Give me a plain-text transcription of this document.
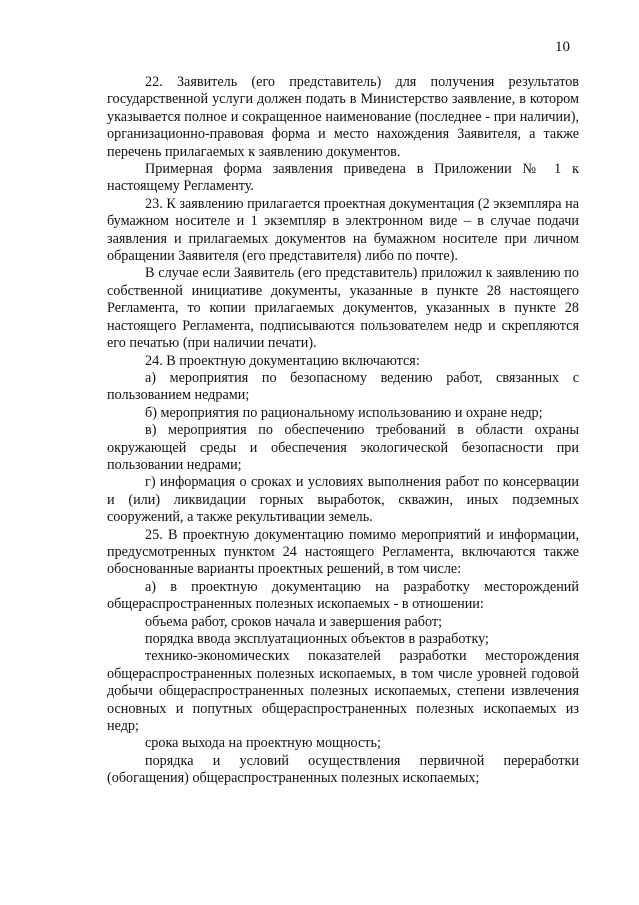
10

22. Заявитель (его представитель) для получения результатов государственной услуги должен подать в Министерство заявление, в котором указывается полное и сокращенное наименование (последнее - при наличии), организационно-правовая форма и место нахождения Заявителя, а также перечень прилагаемых к заявлению документов.

Примерная форма заявления приведена в Приложении № 1 к настоящему Регламенту.

23. К заявлению прилагается проектная документация (2 экземпляра на бумажном носителе и 1 экземпляр в электронном виде – в случае подачи заявления и прилагаемых документов на бумажном носителе при личном обращении Заявителя (его представителя) либо по почте).

В случае если Заявитель (его представитель) приложил к заявлению по собственной инициативе документы, указанные в пункте 28 настоящего Регламента, то копии прилагаемых документов, указанных в пункте 28 настоящего Регламента, подписываются пользователем недр и скрепляются его печатью (при наличии печати).

24. В проектную документацию включаются:

а) мероприятия по безопасному ведению работ, связанных с пользованием недрами;

б) мероприятия по рациональному использованию и охране недр;

в) мероприятия по обеспечению требований в области охраны окружающей среды и обеспечения экологической безопасности при пользовании недрами;

г) информация о сроках и условиях выполнения работ по консервации и (или) ликвидации горных выработок, скважин, иных подземных сооружений, а также рекультивации земель.

25. В проектную документацию помимо мероприятий и информации, предусмотренных пунктом 24 настоящего Регламента, включаются также обоснованные варианты проектных решений, в том числе:

а) в проектную документацию на разработку месторождений общераспространенных полезных ископаемых - в отношении:

объема работ, сроков начала и завершения работ;

порядка ввода эксплуатационных объектов в разработку;

технико-экономических показателей разработки месторождения общераспространенных полезных ископаемых, в том числе уровней годовой добычи общераспространенных полезных ископаемых, степени извлечения основных и попутных общераспространенных полезных ископаемых из недр;

срока выхода на проектную мощность;

порядка и условий осуществления первичной переработки (обогащения) общераспространенных полезных ископаемых;
